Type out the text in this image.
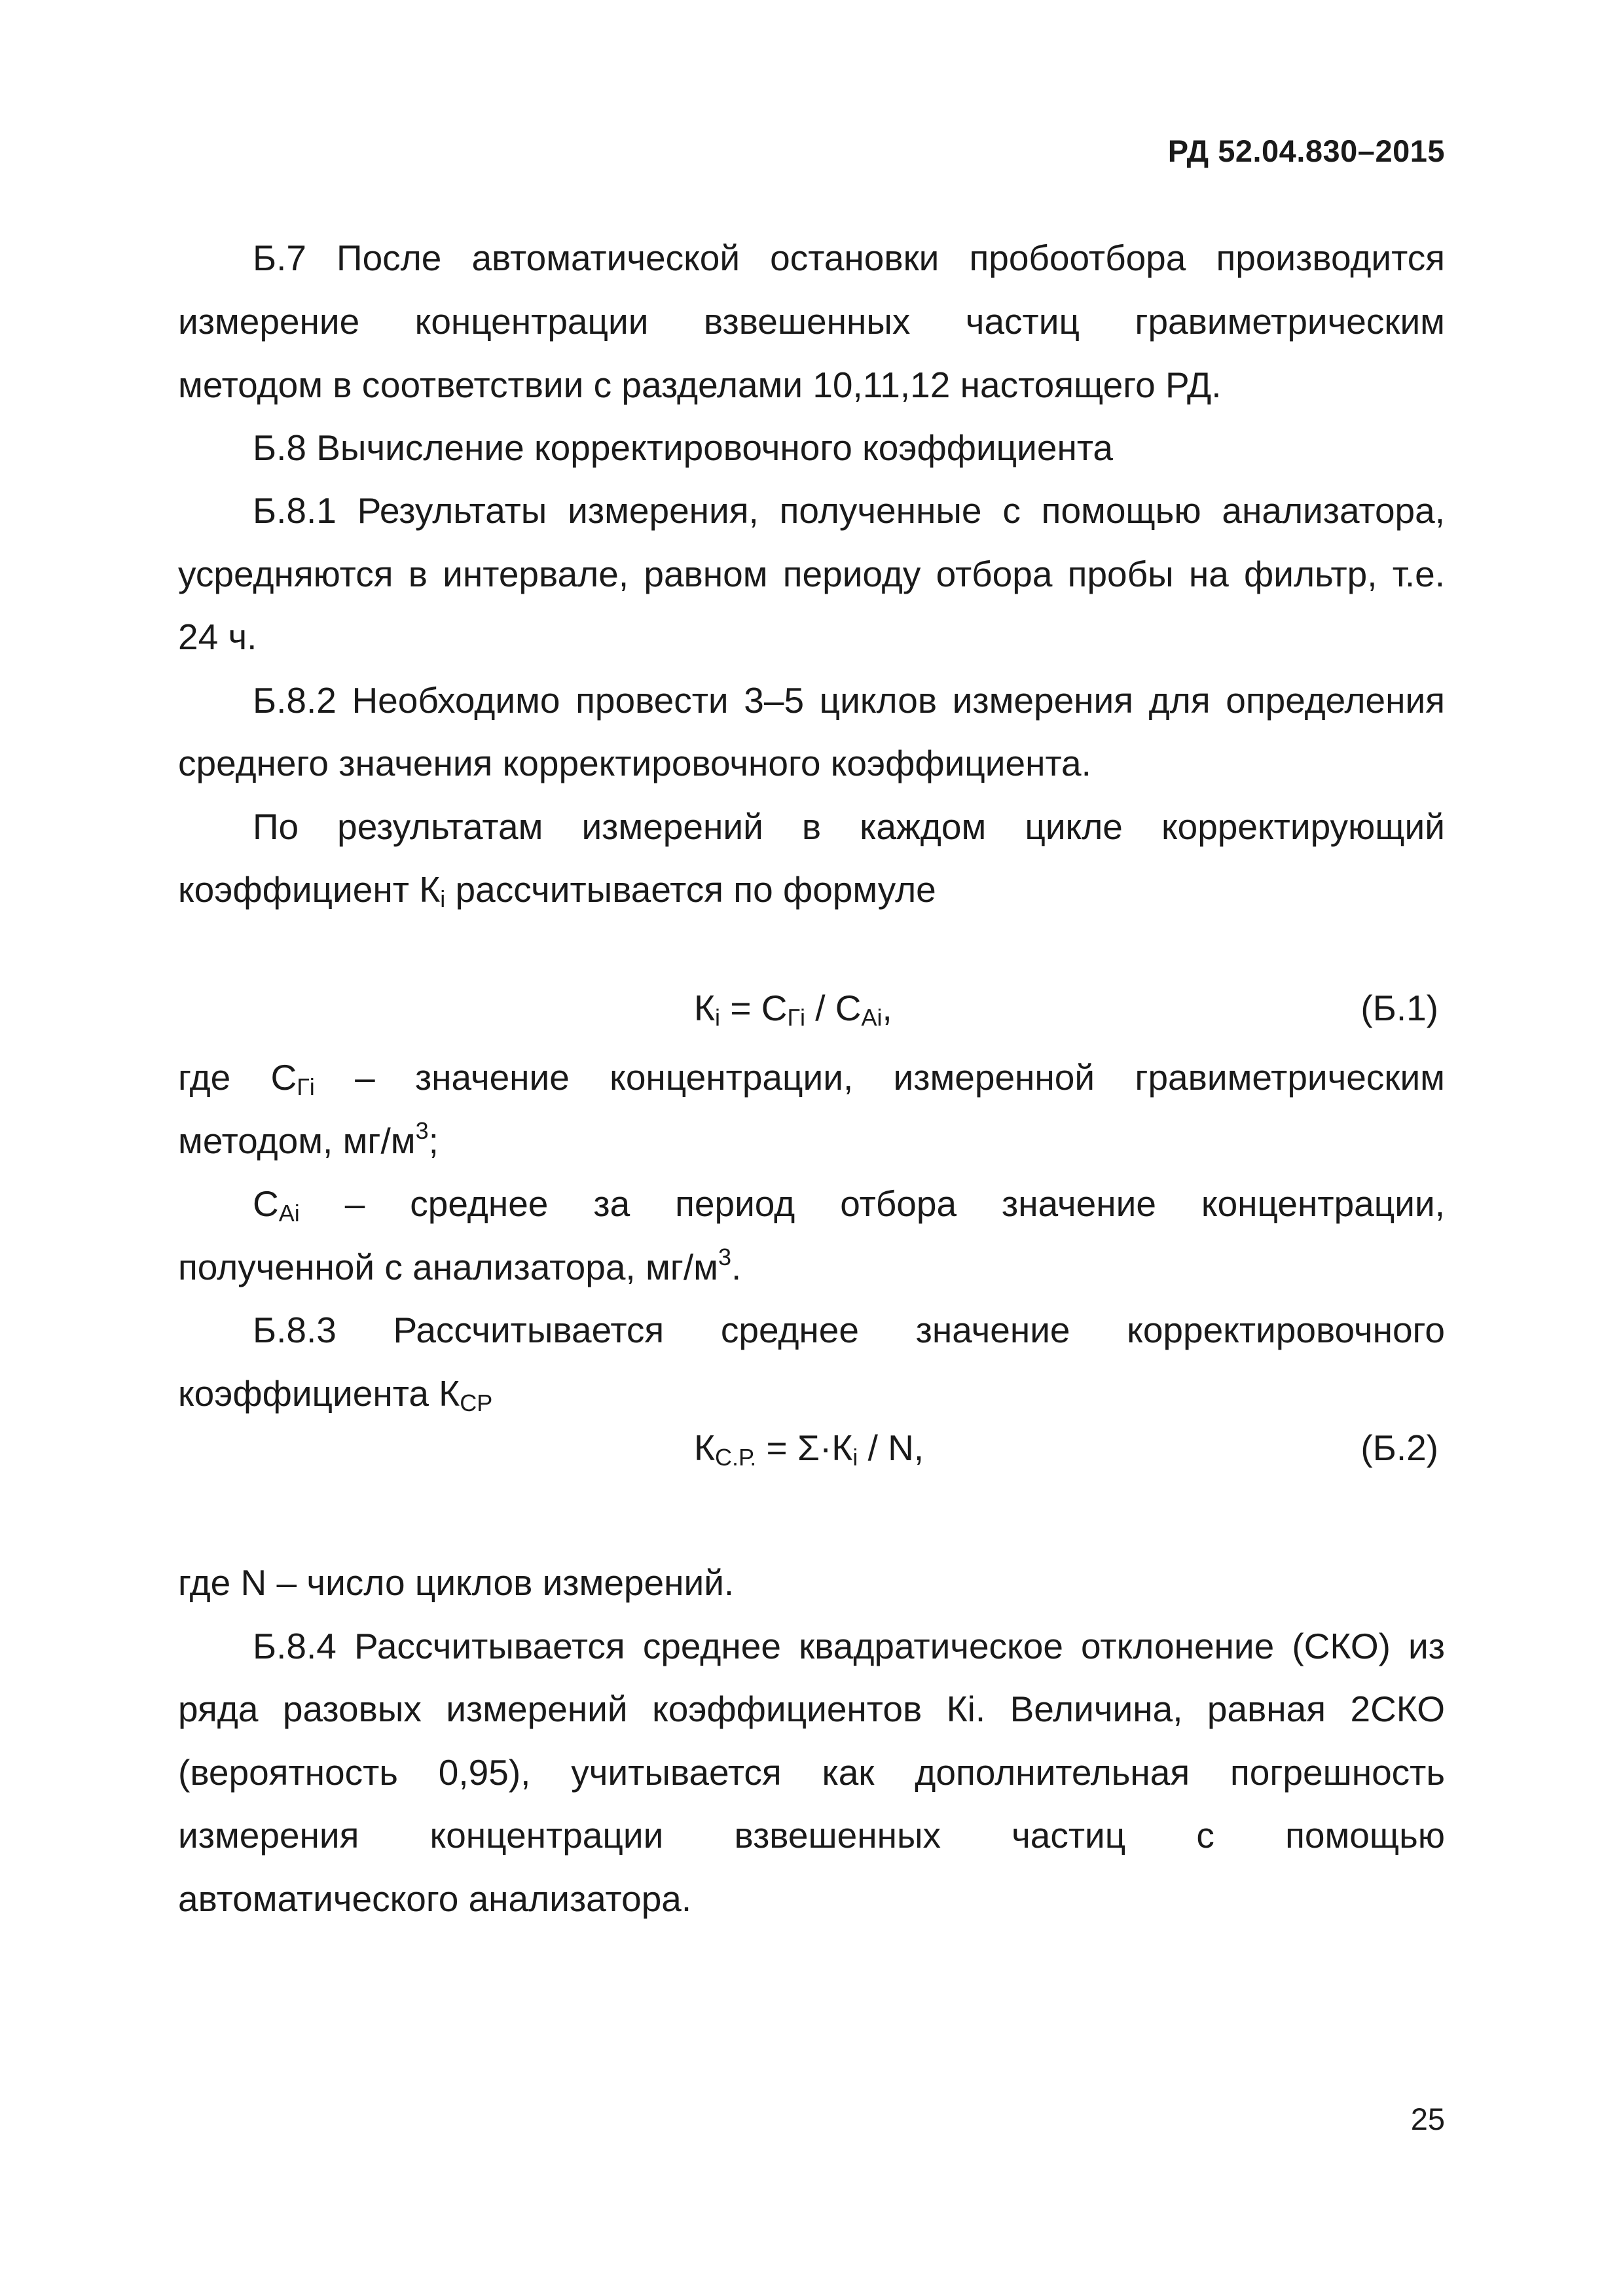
РД 52.04.830–2015
Б.7 После автоматической остановки пробоотбора производится
измерение концентрации взвешенных частиц гравиметрическим
методом в соответствии с разделами 10,11,12 настоящего РД.
Б.8 Вычисление корректировочного коэффициента
Б.8.1 Результаты измерения, полученные с помощью анализатора,
усредняются в интервале, равном периоду отбора пробы на фильтр, т.е.
24 ч.
Б.8.2 Необходимо провести 3–5 циклов измерения для определения
среднего значения корректировочного коэффициента.
По результатам измерений в каждом цикле корректирующий
коэффициент $К_i$ рассчитывается по формуле
$К_i = С_{Гi} / С_{Ai}$,	(Б.1)
где $С_{Гi}$ – значение концентрации, измеренной гравиметрическим
методом, $мг/м^3$;
$С_{Ai}$ – среднее за период отбора значение концентрации,
полученной с анализатора, $мг/м^3$.
Б.8.3 Рассчитывается среднее значение корректировочного
коэффициента $К_{СР}$
$К_{С.Р.} = \Sigma\cdot К_i / N$,	(Б.2)
где N – число циклов измерений.
Б.8.4 Рассчитывается среднее квадратическое отклонение (СКО) из
ряда разовых измерений коэффициентов Кi. Величина, равная 2СКО
(вероятность 0,95), учитывается как дополнительная погрешность
измерения концентрации взвешенных частиц с помощью
автоматического анализатора.
25
